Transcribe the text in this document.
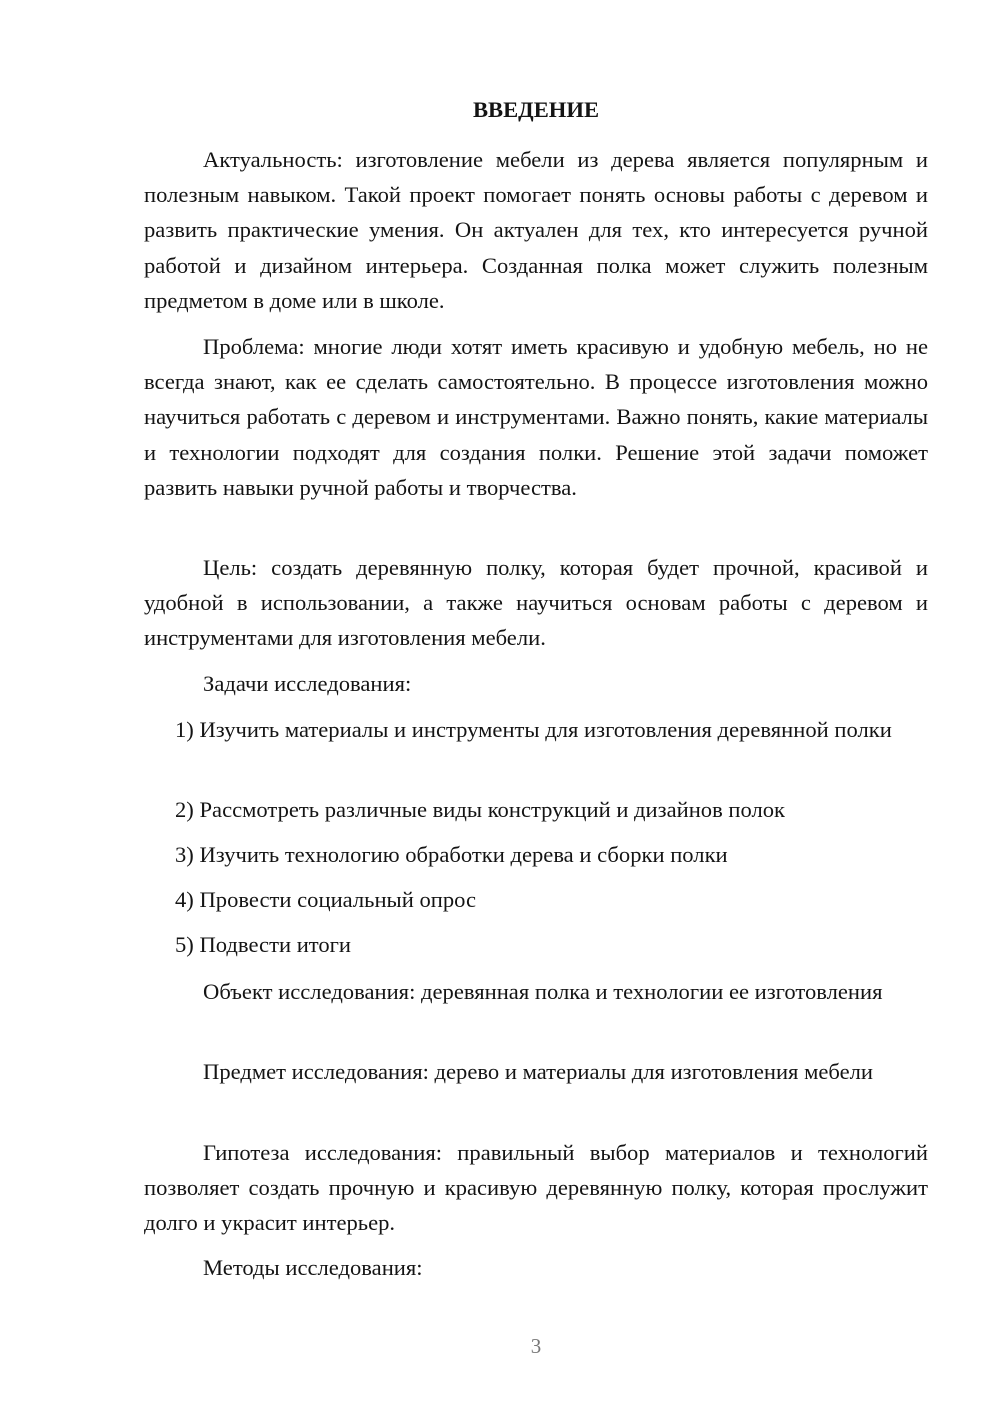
ВВЕДЕНИЕ

Актуальность: изготовление мебели из дерева является популярным и полезным навыком. Такой проект помогает понять основы работы с деревом и развить практические умения. Он актуален для тех, кто интересуется ручной работой и дизайном интерьера. Созданная полка может служить полезным предметом в доме или в школе.

Проблема: многие люди хотят иметь красивую и удобную мебель, но не всегда знают, как ее сделать самостоятельно. В процессе изготовления можно научиться работать с деревом и инструментами. Важно понять, какие материалы и технологии подходят для создания полки. Решение этой задачи поможет развить навыки ручной работы и творчества.

Цель: создать деревянную полку, которая будет прочной, красивой и удобной в использовании, а также научиться основам работы с деревом и инструментами для изготовления мебели.

Задачи исследования:

1) Изучить материалы и инструменты для изготовления деревянной полки

2) Рассмотреть различные виды конструкций и дизайнов полок

3) Изучить технологию обработки дерева и сборки полки

4) Провести социальный опрос

5) Подвести итоги

Объект исследования: деревянная полка и технологии ее изготовления

Предмет исследования: дерево и материалы для изготовления мебели

Гипотеза исследования: правильный выбор материалов и технологий позволяет создать прочную и красивую деревянную полку, которая прослужит долго и украсит интерьер.

Методы исследования:

3
